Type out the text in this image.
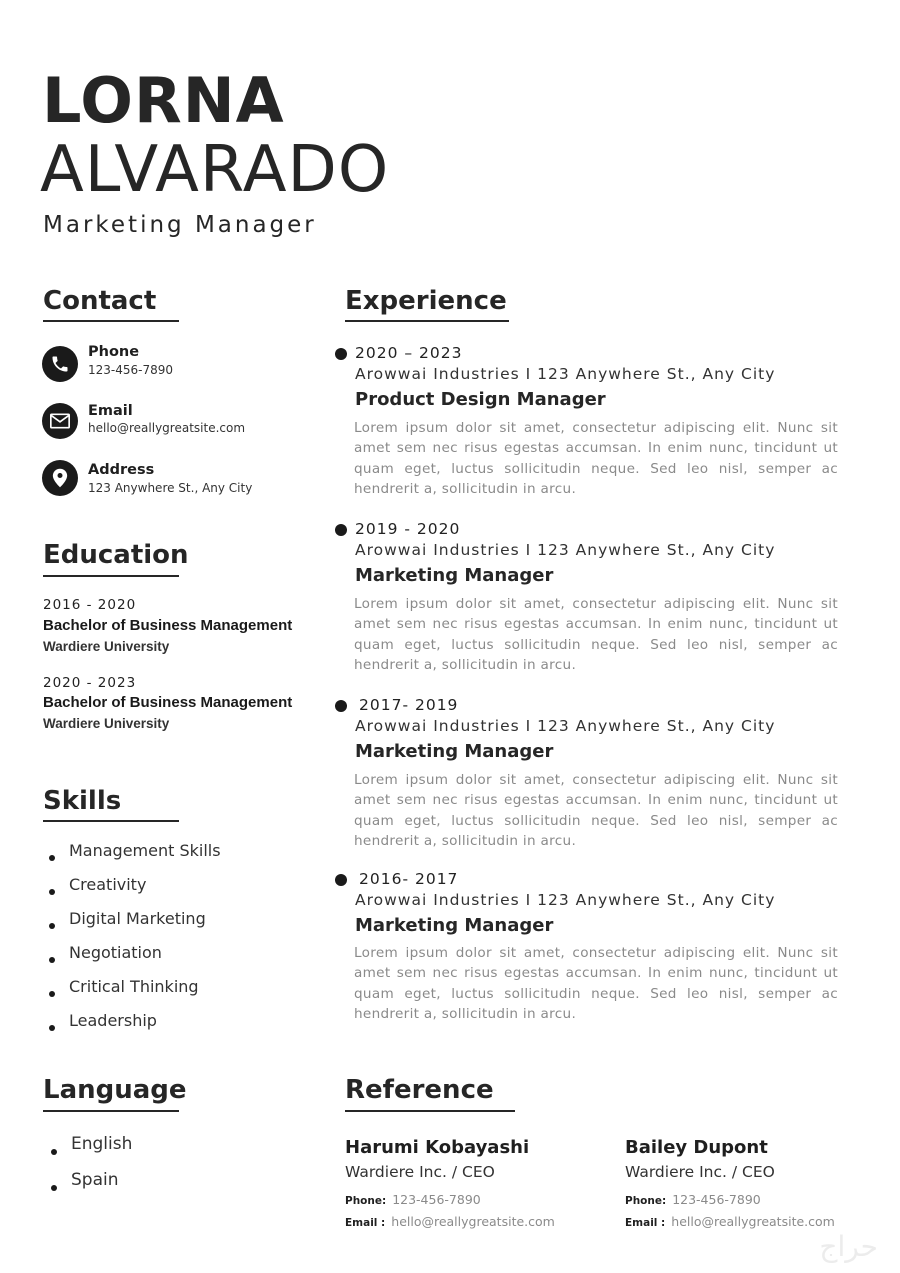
LORNA
ALVARADO
Marketing Manager
Contact
Phone
123-456-7890
Email
hello@reallygreatsite.com
Address
123 Anywhere St., Any City
Education
2016 - 2020
Bachelor of Business Management
Wardiere University
2020 - 2023
Bachelor of Business Management
Wardiere University
Skills
Management Skills
Creativity
Digital Marketing
Negotiation
Critical Thinking
Leadership
Language
English
Spain
Experience
2020 – 2023
Arowwai Industries I 123 Anywhere St., Any City
Product Design Manager
Lorem ipsum dolor sit amet, consectetur adipiscing elit. Nunc sit amet sem nec risus egestas accumsan. In enim nunc, tincidunt ut quam eget, luctus sollicitudin neque. Sed leo nisl, semper ac hendrerit a, sollicitudin in arcu.
2019 - 2020
Arowwai Industries I 123 Anywhere St., Any City
Marketing Manager
Lorem ipsum dolor sit amet, consectetur adipiscing elit. Nunc sit amet sem nec risus egestas accumsan. In enim nunc, tincidunt ut quam eget, luctus sollicitudin neque. Sed leo nisl, semper ac hendrerit a, sollicitudin in arcu.
2017- 2019
Arowwai Industries I 123 Anywhere St., Any City
Marketing Manager
Lorem ipsum dolor sit amet, consectetur adipiscing elit. Nunc sit amet sem nec risus egestas accumsan. In enim nunc, tincidunt ut quam eget, luctus sollicitudin neque. Sed leo nisl, semper ac hendrerit a, sollicitudin in arcu.
2016- 2017
Arowwai Industries I 123 Anywhere St., Any City
Marketing Manager
Lorem ipsum dolor sit amet, consectetur adipiscing elit. Nunc sit amet sem nec risus egestas accumsan. In enim nunc, tincidunt ut quam eget, luctus sollicitudin neque. Sed leo nisl, semper ac hendrerit a, sollicitudin in arcu.
Reference
Harumi Kobayashi
Wardiere Inc. / CEO
Phone: 123-456-7890
Email : hello@reallygreatsite.com
Bailey Dupont
Wardiere Inc. / CEO
Phone: 123-456-7890
Email : hello@reallygreatsite.com
حراج
